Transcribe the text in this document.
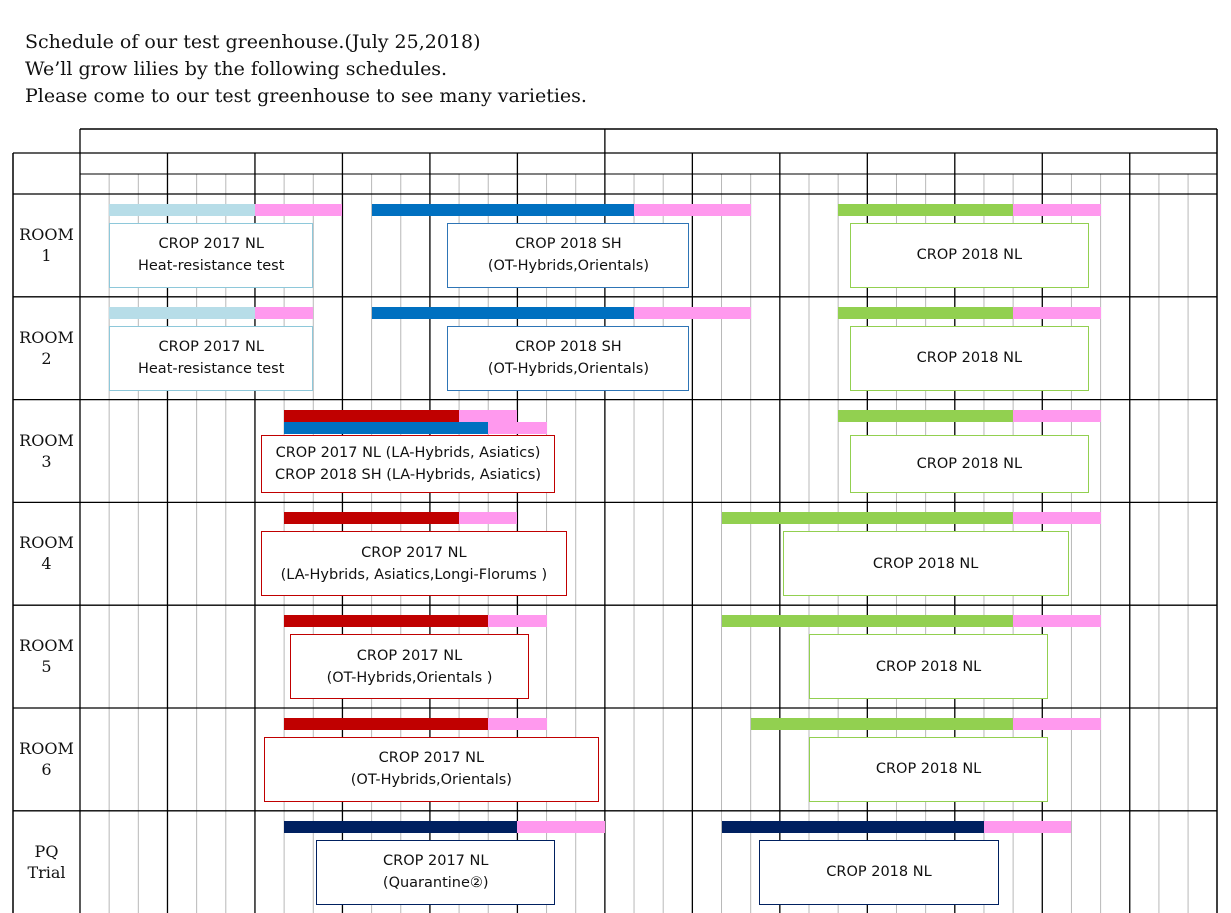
Schedule of our test greenhouse.(July 25,2018)
We’ll grow lilies by the following schedules.
Please come to our test greenhouse to see many varieties.
ROOM
1
CROP 2017 NL
Heat-resistance test
CROP 2018 SH
(OT-Hybrids,Orientals)
CROP 2018 NL
ROOM
2
CROP 2017 NL
Heat-resistance test
CROP 2018 SH
(OT-Hybrids,Orientals)
CROP 2018 NL
ROOM
3	CROP 2017 NL (LA-Hybrids, Asiatics)
CROP 2018 SH (LA-Hybrids, Asiatics)
CROP 2018 NL
ROOM
4
CROP 2017 NL
(LA-Hybrids, Asiatics,Longi-Florums )
CROP 2018 NL
ROOM
5
CROP 2017 NL
(OT-Hybrids,Orientals )
CROP 2018 NL
ROOM
6
CROP 2017 NL
(OT-Hybrids,Orientals)
CROP 2018 NL
PQ
Trial
CROP 2017 NL
(Quarantine②)
CROP 2018 NL
